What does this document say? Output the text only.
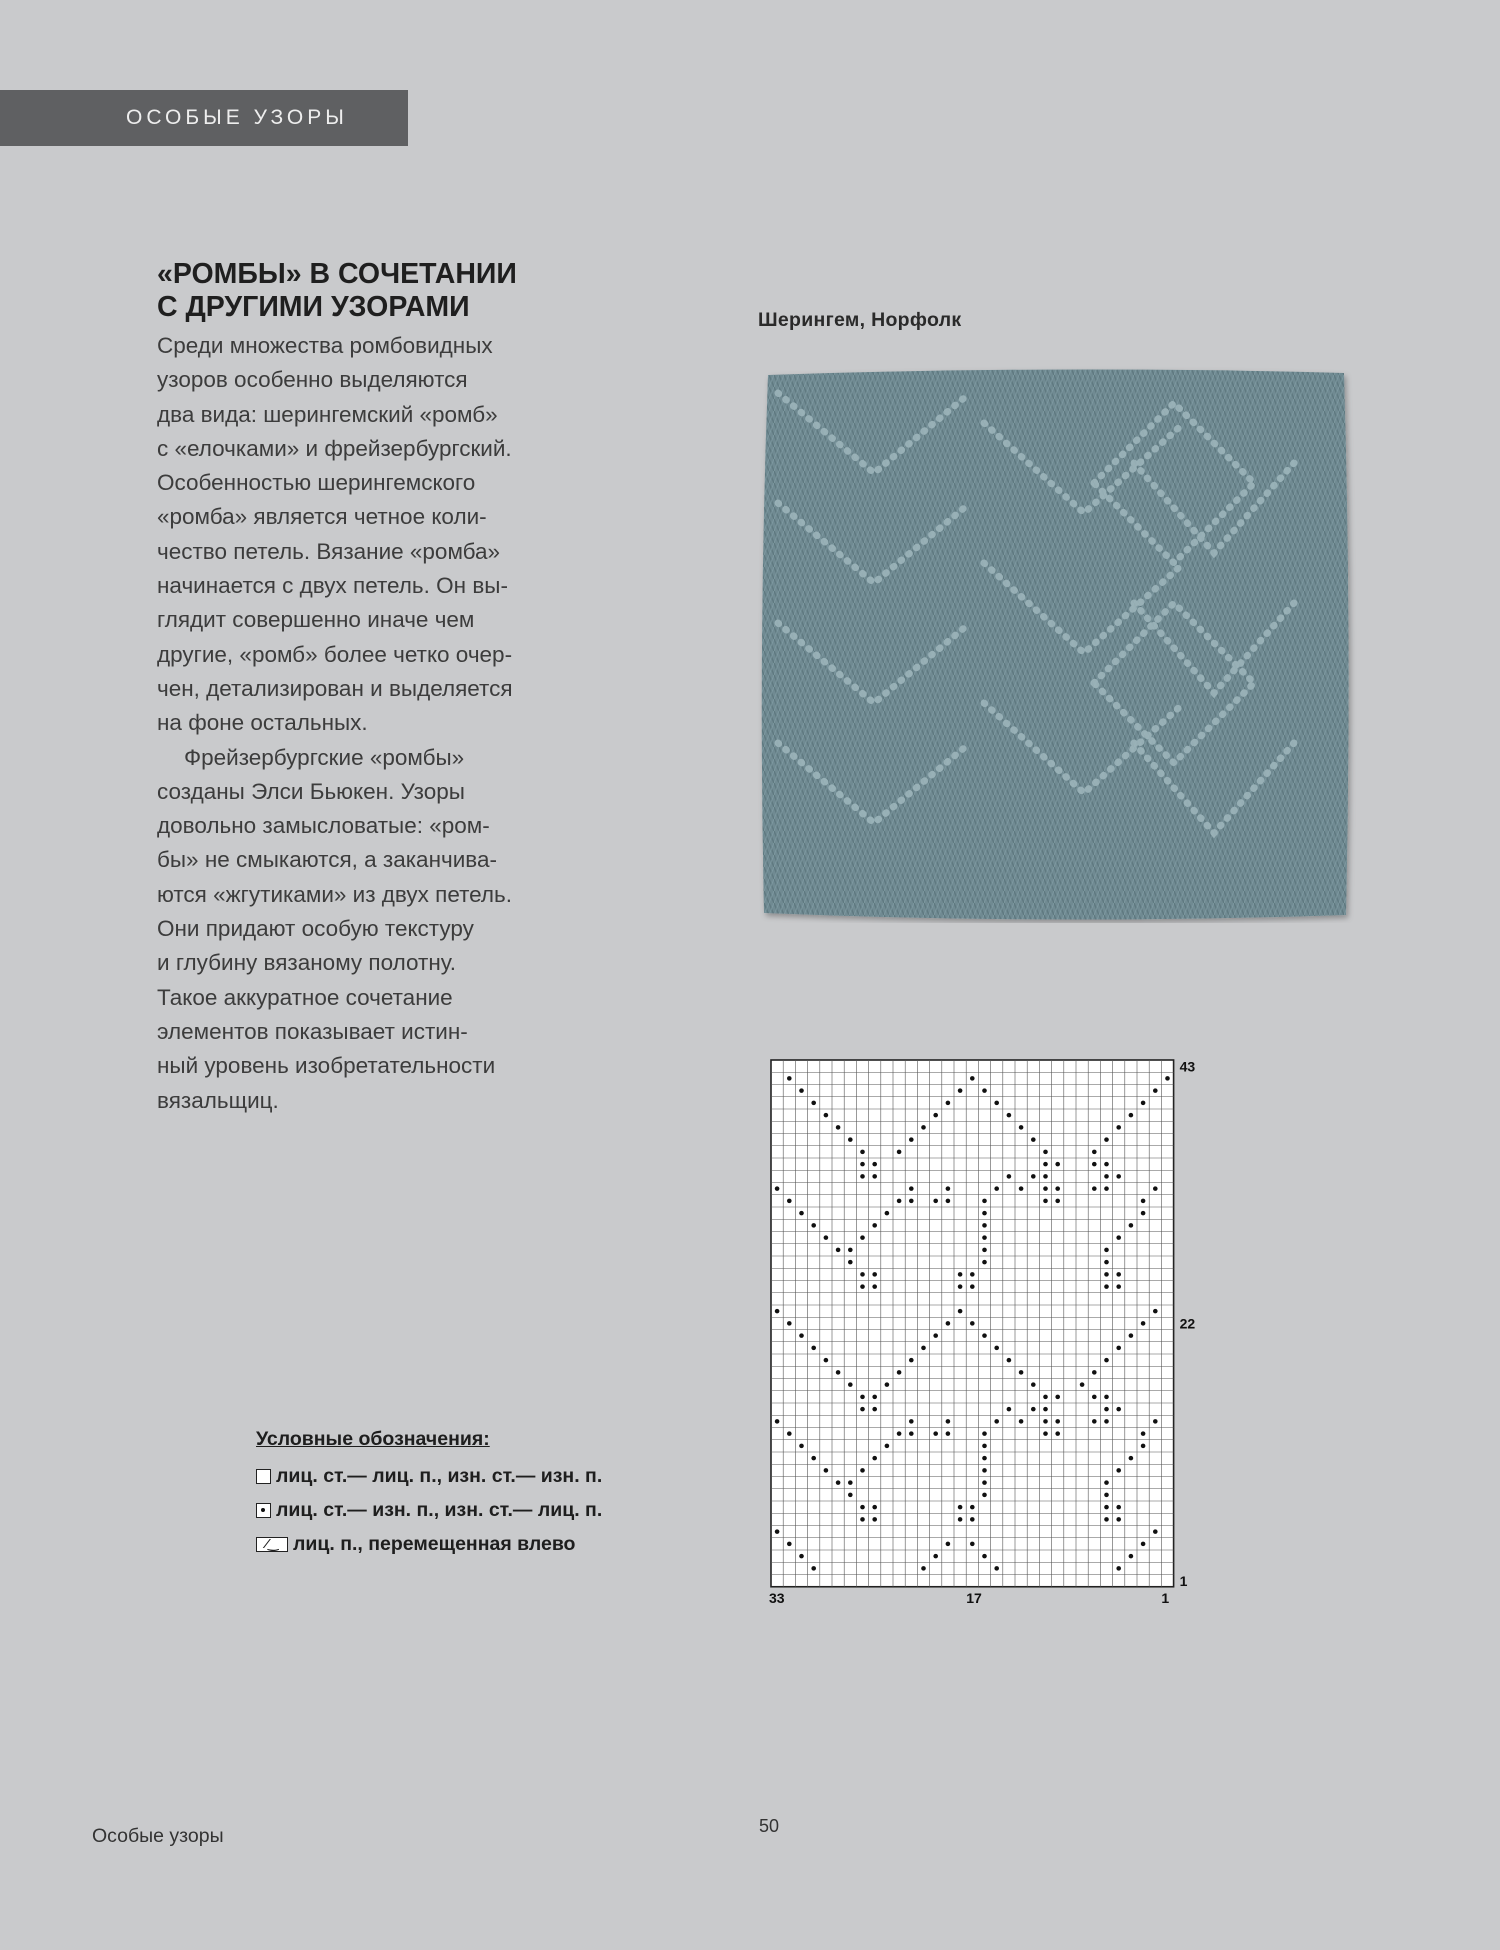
ОСОБЫЕ УЗОРЫ
«РОМБЫ» В СОЧЕТАНИИ
С ДРУГИМИ УЗОРАМИ
Среди множества ромбовидных
узоров особенно выделяются
два вида: шерингемский «ромб»
с «елочками» и фрейзербургский.
Особенностью шерингемского
«ромба» является четное коли-
чество петель. Вязание «ромба»
начинается с двух петель. Он вы-
глядит совершенно иначе чем
другие, «ромб» более четко очер-
чен, детализирован и выделяется
на фоне остальных.
Фрейзербургские «ромбы»
созданы Элси Бьюкен. Узоры
довольно замысловатые: «ром-
бы» не смыкаются, а заканчива-
ются «жгутиками» из двух петель.
Они придают особую текстуру
и глубину вязаному полотну.
Такое аккуратное сочетание
элементов показывает истин-
ный уровень изобретательности
вязальщиц.
Шерингем, Норфолк
43
22
1
33	17	1
Условные обозначения:
лиц. ст.— лиц. п., изн. ст.— изн. п.
лиц. ст.— изн. п., изн. ст.— лиц. п.
⁄‿ лиц. п., перемещенная влево
Особые узоры	50
